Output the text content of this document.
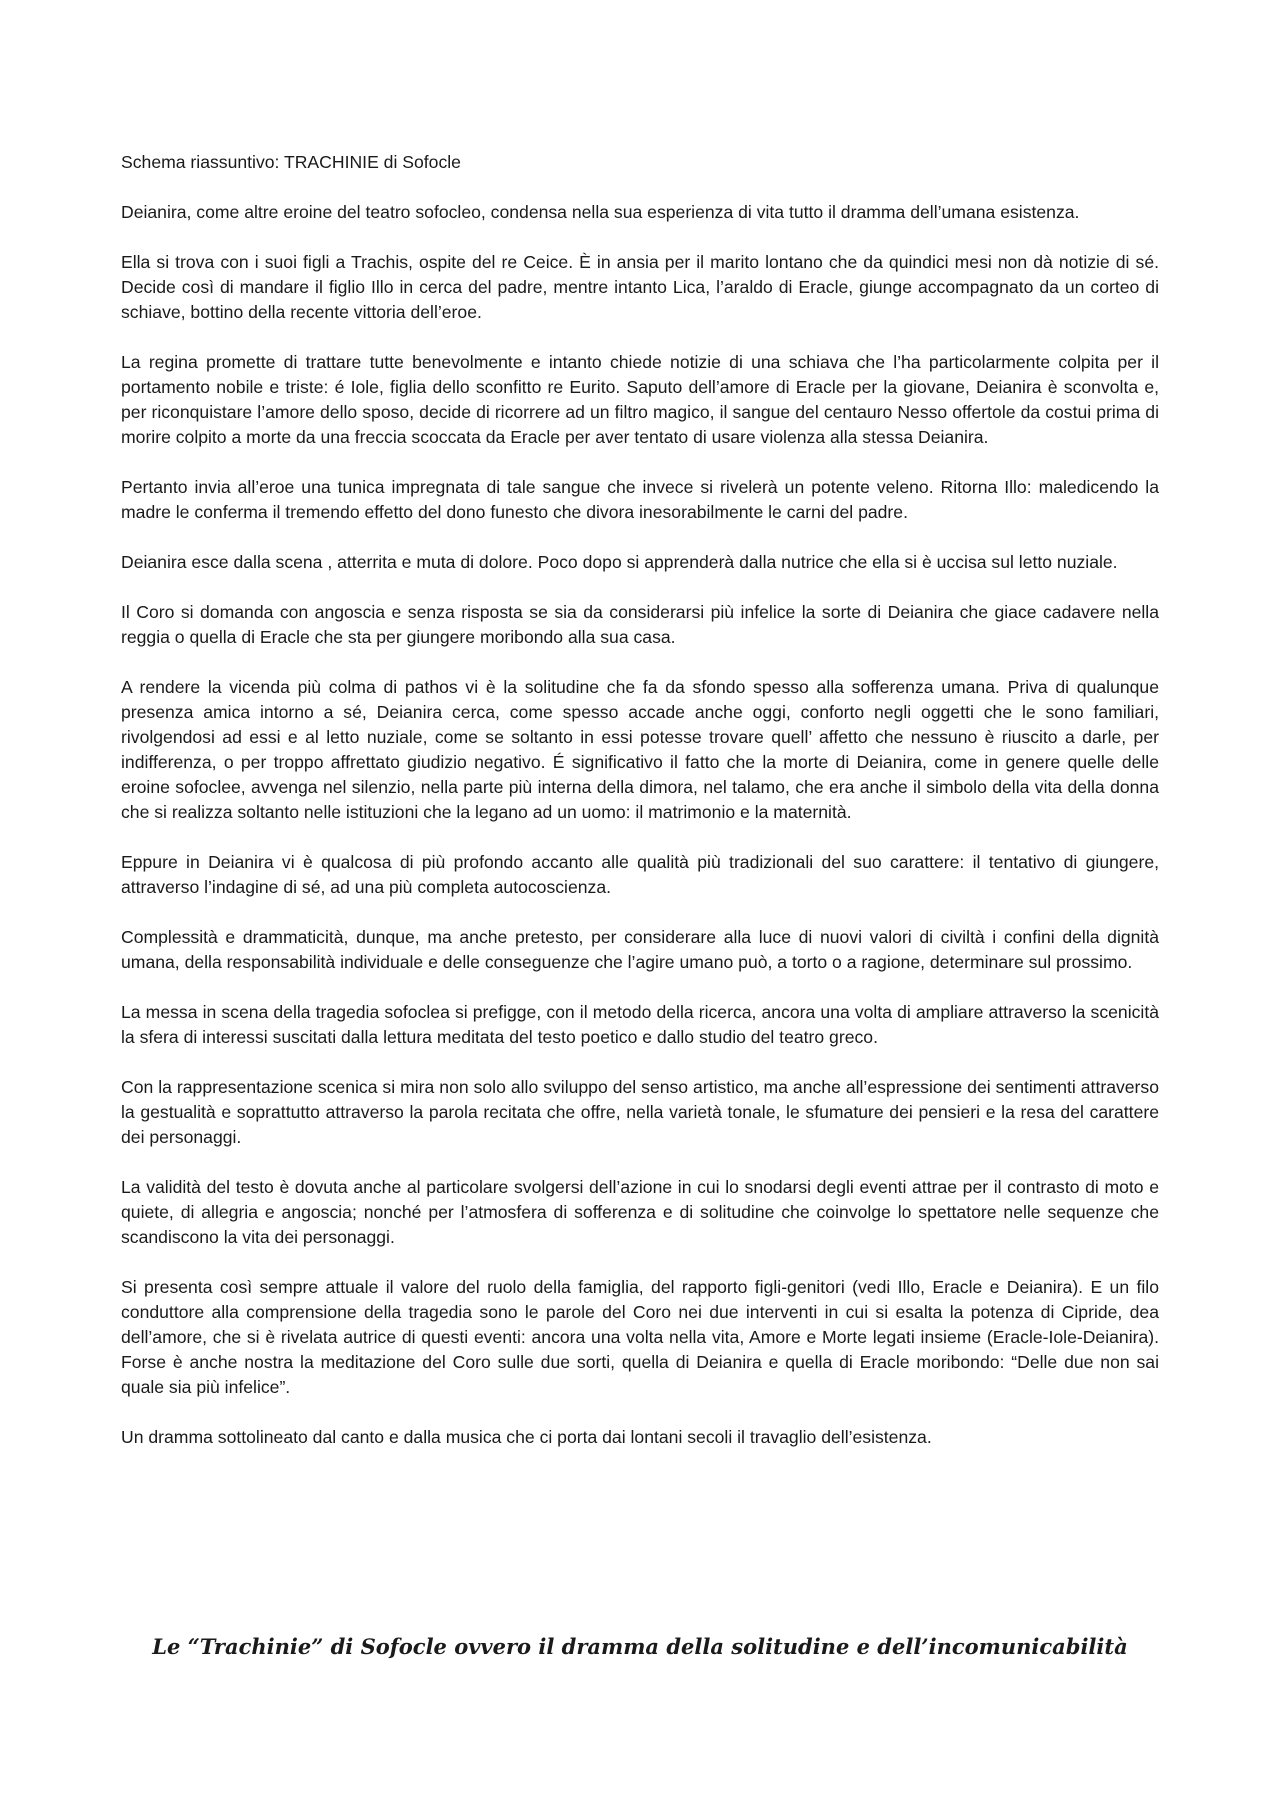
Schema riassuntivo: TRACHINIE di Sofocle

Deianira, come altre eroine del teatro sofocleo, condensa nella sua esperienza di vita tutto il dramma dell’umana esistenza.

Ella si trova con i suoi figli a Trachis, ospite del re Ceice. È in ansia per il marito lontano che da quindici mesi non dà notizie di sé. Decide così di mandare il figlio Illo in cerca del padre, mentre intanto Lica, l’araldo di Eracle, giunge accompagnato da un corteo di schiave, bottino della recente vittoria dell’eroe.

La regina promette di trattare tutte benevolmente e intanto chiede notizie di una schiava che l’ha particolarmente colpita per il portamento nobile e triste: é Iole, figlia dello sconfitto re Eurito. Saputo dell’amore di Eracle per la giovane, Deianira è sconvolta e, per riconquistare l’amore dello sposo, decide di ricorrere ad un filtro magico, il sangue del centauro Nesso offertole da costui prima di morire colpito a morte da una freccia scoccata da Eracle per aver tentato di usare violenza alla stessa Deianira.

Pertanto invia all’eroe una tunica impregnata di tale sangue che invece si rivelerà un potente veleno. Ritorna Illo: maledicendo la madre le conferma il tremendo effetto del dono funesto che divora inesorabilmente le carni del padre.

Deianira esce dalla scena , atterrita e muta di dolore. Poco dopo si apprenderà dalla nutrice che ella si è uccisa sul letto nuziale.

Il Coro si domanda con angoscia e senza risposta se sia da considerarsi più infelice la sorte di Deianira che giace cadavere nella reggia o quella di Eracle che sta per giungere moribondo alla sua casa.

A rendere la vicenda più colma di pathos vi è la solitudine che fa da sfondo spesso alla sofferenza umana. Priva di qualunque presenza amica intorno a sé, Deianira cerca, come spesso accade anche oggi, conforto negli oggetti che le sono familiari, rivolgendosi ad essi e al letto nuziale, come se soltanto in essi potesse trovare quell’ affetto che nessuno è riuscito a darle, per indifferenza, o per troppo affrettato giudizio negativo. É significativo il fatto che la morte di Deianira, come in genere quelle delle eroine sofoclee, avvenga nel silenzio, nella parte più interna della dimora, nel talamo, che era anche il simbolo della vita della donna che si realizza soltanto nelle istituzioni che la legano ad un uomo: il matrimonio e la maternità.

Eppure in Deianira vi è qualcosa di più profondo accanto alle qualità più tradizionali del suo carattere: il tentativo di giungere, attraverso l’indagine di sé, ad una più completa autocoscienza.

Complessità e drammaticità, dunque, ma anche pretesto, per considerare alla luce di nuovi valori di civiltà i confini della dignità umana, della responsabilità individuale e delle conseguenze che l’agire umano può, a torto o a ragione, determinare sul prossimo.

La messa in scena della tragedia sofoclea si prefigge, con il metodo della ricerca, ancora una volta di ampliare attraverso la scenicità la sfera di interessi suscitati dalla lettura meditata del testo poetico e dallo studio del teatro greco.

Con la rappresentazione scenica si mira non solo allo sviluppo del senso artistico, ma anche all’espressione dei sentimenti attraverso la gestualità e soprattutto attraverso la parola recitata che offre, nella varietà tonale, le sfumature dei pensieri e la resa del carattere dei personaggi.

La validità del testo è dovuta anche al particolare svolgersi dell’azione in cui lo snodarsi degli eventi attrae per il contrasto di moto e quiete, di allegria e angoscia; nonché per l’atmosfera di sofferenza e di solitudine che coinvolge lo spettatore nelle sequenze che scandiscono la vita dei personaggi.

Si presenta così sempre attuale il valore del ruolo della famiglia, del rapporto figli-genitori (vedi Illo, Eracle e Deianira). E un filo conduttore alla comprensione della tragedia sono le parole del Coro nei due interventi in cui si esalta la potenza di Cipride, dea dell’amore, che si è rivelata autrice di questi eventi: ancora una volta nella vita, Amore e Morte legati insieme (Eracle-Iole-Deianira). Forse è anche nostra la meditazione del Coro sulle due sorti, quella di Deianira e quella di Eracle moribondo: “Delle due non sai quale sia più infelice”.

Un dramma sottolineato dal canto e dalla musica che ci porta dai lontani secoli il travaglio dell’esistenza.

Le “Trachinie” di Sofocle ovvero il dramma della solitudine e dell’incomunicabilità
